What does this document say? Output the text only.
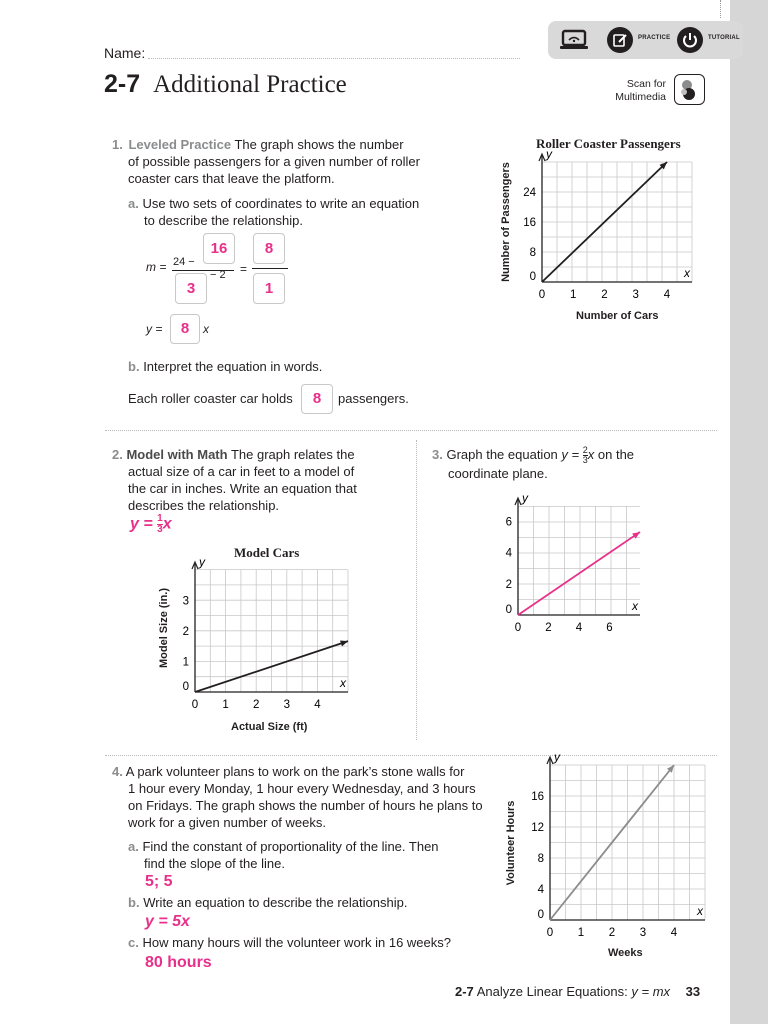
PRACTICE	TUTORIAL
Name:
2-7 Additional Practice	Scan for
Multimedia
1. Leveled Practice The graph shows the number
of possible passengers for a given number of roller
coaster cars that leave the platform.
a. Use two sets of coordinates to write an equation
to describe the relationship.
m = 24 −
− 2
16
3
=
8
1
y =	8	x
b. Interpret the equation in words.
Each roller coaster car holds	8	passengers.
Roller Coaster Passengers
Number of Passengers
Number of Cars
y
x
0 1 2 3 4
0
8
16
24
2. Model with Math The graph relates the
actual size of a car in feet to a model of
the car in inches. Write an equation that
describes the relationship.
$y = \frac{1}{3}$ x
Model Cars
Model Size (in.)
Actual Size (ft)
y
x
0 1 2 3 4
0
1
2
3
3. Graph the equation $y = \frac{2}{3}$ x on the
coordinate plane.
y
x
0 2 4 6
0
2
4
6
4. A park volunteer plans to work on the park’s stone walls for
1 hour every Monday, 1 hour every Wednesday, and 3 hours
on Fridays. The graph shows the number of hours he plans to
work for a given number of weeks.
a. Find the constant of proportionality of the line. Then
find the slope of the line.
5; 5
b. Write an equation to describe the relationship.
y = 5x
c. How many hours will the volunteer work in 16 weeks?
80 hours
Volunteer Hours
Weeks
y
x
0 1 2 3 4
0
4
8
12
16
2-7 Analyze Linear Equations: y = mx 33
